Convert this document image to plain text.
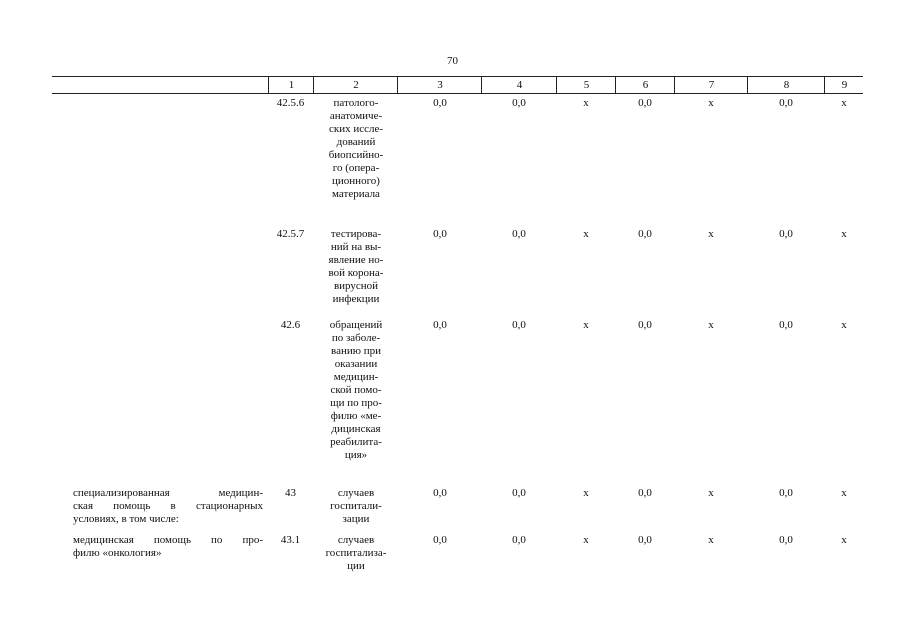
70
1	2	3	4	5	6	7	8	9
42.5.6	патолого-
анатомиче-
ских иссле-
дований
биопсийно-
го (опера-
ционного)
материала
0,0	0,0	x	0,0	x	0,0	x
42.5.7	тестирова-
ний на вы-
явление но-
вой корона-
вирусной
инфекции
0,0	0,0	x	0,0	x	0,0	x
42.6	обращений
по заболе-
ванию при
оказании
медицин-
ской помо-
щи по про-
филю «ме-
дицинская
реабилита-
ция»
0,0	0,0	x	0,0	x	0,0	x
специализированная медицин-
ская помощь в стационарных
условиях, в том числе:
43	случаев
госпитали-
зации
0,0	0,0	x	0,0	x	0,0	x
медицинская помощь по про-
филю «онкология»
43.1	случаев
госпитализа-
ции
0,0	0,0	x	0,0	x	0,0	x
